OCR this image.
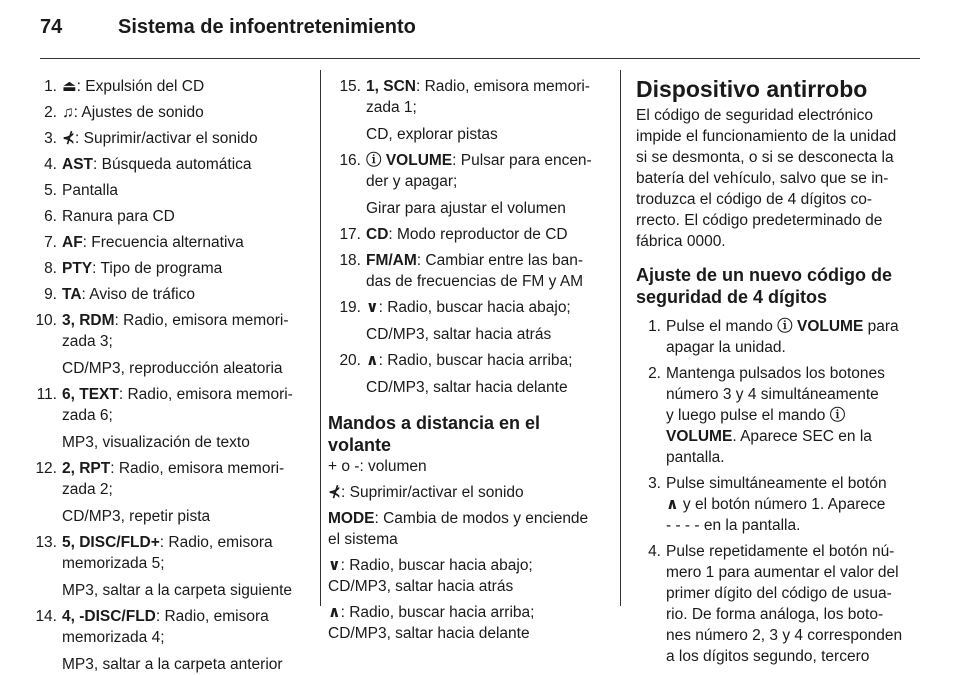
74	Sistema de infoentretenimiento
1. ⏏: Expulsión del CD
2. ♫: Ajustes de sonido
3. ⊀: Suprimir/activar el sonido
4. AST: Búsqueda automática
5. Pantalla
6. Ranura para CD
7. AF: Frecuencia alternativa
8. PTY: Tipo de programa
9. TA: Aviso de tráfico
10. 3, RDM: Radio, emisora memori-
zada 3;
CD/MP3, reproducción aleatoria
11. 6, TEXT: Radio, emisora memori-
zada 6;
MP3, visualización de texto
12. 2, RPT: Radio, emisora memori-
zada 2;
CD/MP3, repetir pista
13. 5, DISC/FLD+: Radio, emisora
memorizada 5;
MP3, saltar a la carpeta siguiente
14. 4, -DISC/FLD: Radio, emisora
memorizada 4;
MP3, saltar a la carpeta anterior
15. 1, SCN: Radio, emisora memori-
zada 1;
CD, explorar pistas
16. ⓘ VOLUME: Pulsar para encen-
der y apagar;
Girar para ajustar el volumen
17. CD: Modo reproductor de CD
18. FM/AM: Cambiar entre las ban-
das de frecuencias de FM y AM
19. ∨: Radio, buscar hacia abajo;
CD/MP3, saltar hacia atrás
20. ∧: Radio, buscar hacia arriba;
CD/MP3, saltar hacia delante
Mandos a distancia en el
volante
+ o -: volumen
⊀: Suprimir/activar el sonido
MODE: Cambia de modos y enciende
el sistema
∨: Radio, buscar hacia abajo;
CD/MP3, saltar hacia atrás
∧: Radio, buscar hacia arriba;
CD/MP3, saltar hacia delante
Dispositivo antirrobo
El código de seguridad electrónico
impide el funcionamiento de la unidad
si se desmonta, o si se desconecta la
batería del vehículo, salvo que se in-
troduzca el código de 4 dígitos co-
rrecto. El código predeterminado de
fábrica 0000.
Ajuste de un nuevo código de
seguridad de 4 dígitos
1. Pulse el mando ⓘ VOLUME para
apagar la unidad.
2. Mantenga pulsados los botones
número 3 y 4 simultáneamente
y luego pulse el mando ⓘ
VOLUME. Aparece SEC en la
pantalla.
3. Pulse simultáneamente el botón
∧ y el botón número 1. Aparece
- - - - en la pantalla.
4. Pulse repetidamente el botón nú-
mero 1 para aumentar el valor del
primer dígito del código de usua-
rio. De forma análoga, los boto-
nes número 2, 3 y 4 corresponden
a los dígitos segundo, tercero
